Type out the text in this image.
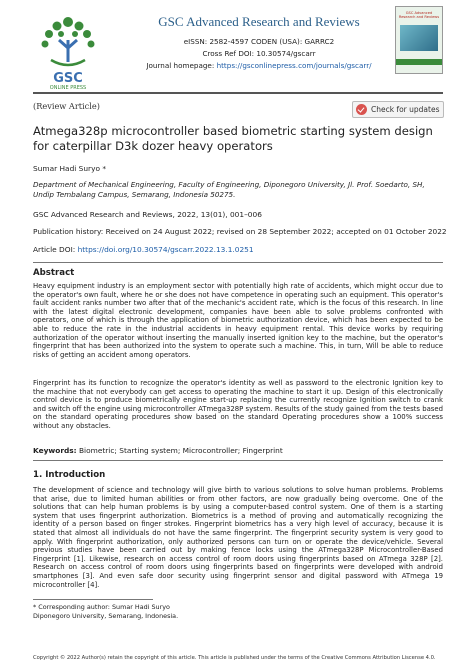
GSC
ONLINE PRESS
GSC Advanced Research and Reviews
eISSN: 2582-4597 CODEN (USA): GARRC2
Cross Ref DOI: 10.30574/gscarr
Journal homepage: https://gsconlinepress.com/journals/gscarr/
GSC Advanced Research and Reviews
(Review Article)	Check for updates
Atmega328p microcontroller based biometric starting system design for caterpillar D3k dozer heavy operators
Sumar Hadi Suryo *
Department of Mechanical Engineering, Faculty of Engineering, Diponegoro University, Jl. Prof. Soedarto, SH, Undip Tembalang Campus, Semarang, Indonesia 50275.
GSC Advanced Research and Reviews, 2022, 13(01), 001–006
Publication history: Received on 24 August 2022; revised on 28 September 2022; accepted on 01 October 2022
Article DOI: https://doi.org/10.30574/gscarr.2022.13.1.0251
Abstract
Heavy equipment industry is an employment sector with potentially high rate of accidents, which might occur due to the operator's own fault, where he or she does not have competence in operating such an equipment. This operator's fault accident ranks number two after that of the mechanic's accident rate, which is the focus of this research. In line with the latest digital electronic development, companies have been able to solve problems confronted with operators, one of which is through the application of biometric authorization device, which has been expected to be able to reduce the rate in the industrial accidents in heavy equipment rental. This device works by requiring authorization of the operator without inserting the manually inserted ignition key to the machine, but the operator's fingerprint that has been authorized into the system to operate such a machine. This, in turn, Will be able to reduce risks of getting an accident among operators.
Fingerprint has its function to recognize the operator's identity as well as password to the electronic Ignition key to the machine that not everybody can get access to operating the machine to start it up. Design of this electronically control device is to produce biometrically engine start-up replacing the currently recognize Ignition switch to crank and switch off the engine using microcontroller ATmega328P system. Results of the study gained from the tests based on the standard operating procedures show based on the standard Operating procedures show a 100% success without any obstacles.
Keywords: Biometric; Starting system; Microcontroller; Fingerprint
1. Introduction
The development of science and technology will give birth to various solutions to solve human problems. Problems that arise, due to limited human abilities or from other factors, are now gradually being overcome. One of the solutions that can help human problems is by using a computer-based control system. One of them is a starting system that uses fingerprint authorization. Biometrics is a method of proving and automatically recognizing the identity of a person based on finger strokes. Fingerprint biometrics has a very high level of accuracy, because it is stated that almost all individuals do not have the same fingerprint. The fingerprint security system is very good to apply. With fingerprint authorization, only authorized persons can turn on or operate the device/vehicle. Several previous studies have been carried out by making fence locks using the ATmega328P Microcontroller-Based Fingerprint [1]. Likewise, research on access control of room doors using fingerprints based on ATmega 328P [2]. Research on access control of room doors using fingerprints based on fingerprints were developed with android smartphones [3]. And even safe door security using fingerprint sensor and digital password with ATmega 19 microcontroller [4].
* Corresponding author: Sumar Hadi Suryo
Diponegoro University, Semarang, Indonesia.
Copyright © 2022 Author(s) retain the copyright of this article. This article is published under the terms of the Creative Commons Attribution Liscense 4.0.
